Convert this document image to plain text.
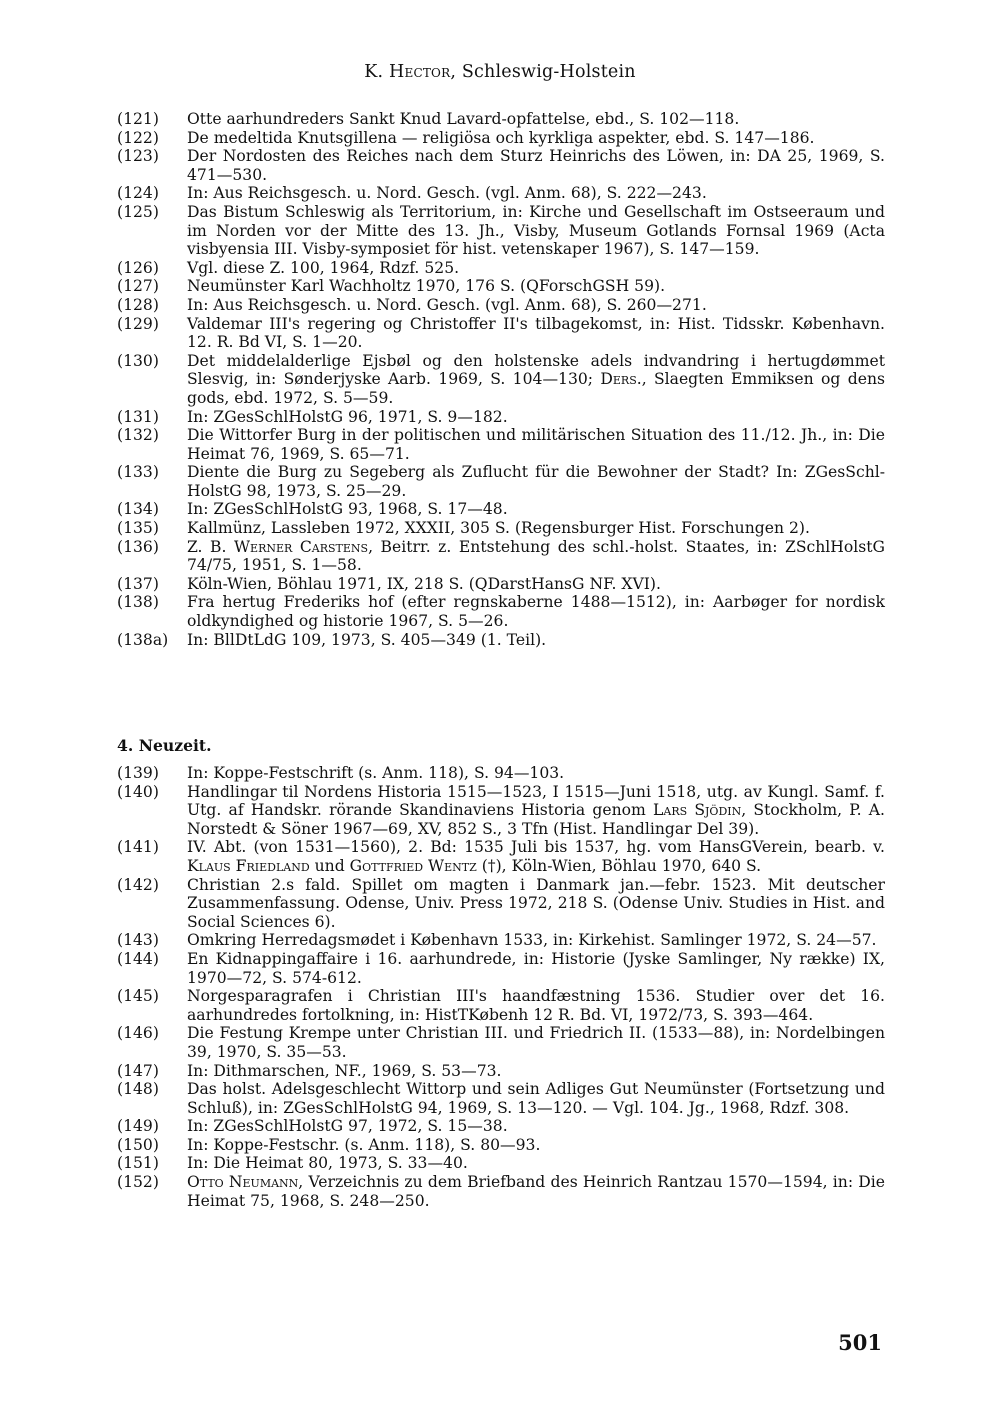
K. Hector, Schleswig-Holstein
(121)	Otte aarhundreders Sankt Knud Lavard-opfattelse, ebd., S. 102—118.
(122)	De medeltida Knutsgillena — religiösa och kyrkliga aspekter, ebd. S. 147—186.
(123)	Der Nordosten des Reiches nach dem Sturz Heinrichs des Löwen, in: DA 25, 1969, S. 471—530.
(124)	In: Aus Reichsgesch. u. Nord. Gesch. (vgl. Anm. 68), S. 222—243.
(125)	Das Bistum Schleswig als Territorium, in: Kirche und Gesellschaft im Ostseeraum und im Norden vor der Mitte des 13. Jh., Visby, Museum Gotlands Fornsal 1969 (Acta visbyensia III. Visby-symposiet för hist. vetenskaper 1967), S. 147—159.
(126)	Vgl. diese Z. 100, 1964, Rdzf. 525.
(127)	Neumünster Karl Wachholtz 1970, 176 S. (QForschGSH 59).
(128)	In: Aus Reichsgesch. u. Nord. Gesch. (vgl. Anm. 68), S. 260—271.
(129)	Valdemar III's regering og Christoffer II's tilbagekomst, in: Hist. Tidsskr. København. 12. R. Bd VI, S. 1—20.
(130)	Det middelalderlige Ejsbøl og den holstenske adels indvandring i hertugdømmet Slesvig, in: Sønderjyske Aarb. 1969, S. 104—130; Ders., Slaegten Emmiksen og dens gods, ebd. 1972, S. 5—59.
(131)	In: ZGesSchlHolstG 96, 1971, S. 9—182.
(132)	Die Wittorfer Burg in der politischen und militärischen Situation des 11./12. Jh., in: Die Heimat 76, 1969, S. 65—71.
(133)	Diente die Burg zu Segeberg als Zuflucht für die Bewohner der Stadt? In: ZGesSchl-HolstG 98, 1973, S. 25—29.
(134)	In: ZGesSchlHolstG 93, 1968, S. 17—48.
(135)	Kallmünz, Lassleben 1972, XXXII, 305 S. (Regensburger Hist. Forschungen 2).
(136)	Z. B. Werner Carstens, Beitrr. z. Entstehung des schl.-holst. Staates, in: ZSchlHolstG 74/75, 1951, S. 1—58.
(137)	Köln-Wien, Böhlau 1971, IX, 218 S. (QDarstHansG NF. XVI).
(138)	Fra hertug Frederiks hof (efter regnskaberne 1488—1512), in: Aarbøger for nordisk oldkyndighed og historie 1967, S. 5—26.
(138a)	In: BllDtLdG 109, 1973, S. 405—349 (1. Teil).
4. Neuzeit.
(139)	In: Koppe-Festschrift (s. Anm. 118), S. 94—103.
(140)	Handlingar til Nordens Historia 1515—1523, I 1515—Juni 1518, utg. av Kungl. Samf. f. Utg. af Handskr. rörande Skandinaviens Historia genom Lars Sjödin, Stockholm, P. A. Norstedt & Söner 1967—69, XV, 852 S., 3 Tfn (Hist. Handlingar Del 39).
(141)	IV. Abt. (von 1531—1560), 2. Bd: 1535 Juli bis 1537, hg. vom HansGVerein, bearb. v. Klaus Friedland und Gottfried Wentz (†), Köln-Wien, Böhlau 1970, 640 S.
(142)	Christian 2.s fald. Spillet om magten i Danmark jan.—febr. 1523. Mit deutscher Zusammenfassung. Odense, Univ. Press 1972, 218 S. (Odense Univ. Studies in Hist. and Social Sciences 6).
(143)	Omkring Herredagsmødet i København 1533, in: Kirkehist. Samlinger 1972, S. 24—57.
(144)	En Kidnappingaffaire i 16. aarhundrede, in: Historie (Jyske Samlinger, Ny række) IX, 1970—72, S. 574-612.
(145)	Norgesparagrafen i Christian III's haandfæstning 1536. Studier over det 16. aarhundredes fortolkning, in: HistTKøbenh 12 R. Bd. VI, 1972/73, S. 393—464.
(146)	Die Festung Krempe unter Christian III. und Friedrich II. (1533—88), in: Nordelbingen 39, 1970, S. 35—53.
(147)	In: Dithmarschen, NF., 1969, S. 53—73.
(148)	Das holst. Adelsgeschlecht Wittorp und sein Adliges Gut Neumünster (Fortsetzung und Schluß), in: ZGesSchlHolstG 94, 1969, S. 13—120. — Vgl. 104. Jg., 1968, Rdzf. 308.
(149)	In: ZGesSchlHolstG 97, 1972, S. 15—38.
(150)	In: Koppe-Festschr. (s. Anm. 118), S. 80—93.
(151)	In: Die Heimat 80, 1973, S. 33—40.
(152)	Otto Neumann, Verzeichnis zu dem Briefband des Heinrich Rantzau 1570—1594, in: Die Heimat 75, 1968, S. 248—250.
501
